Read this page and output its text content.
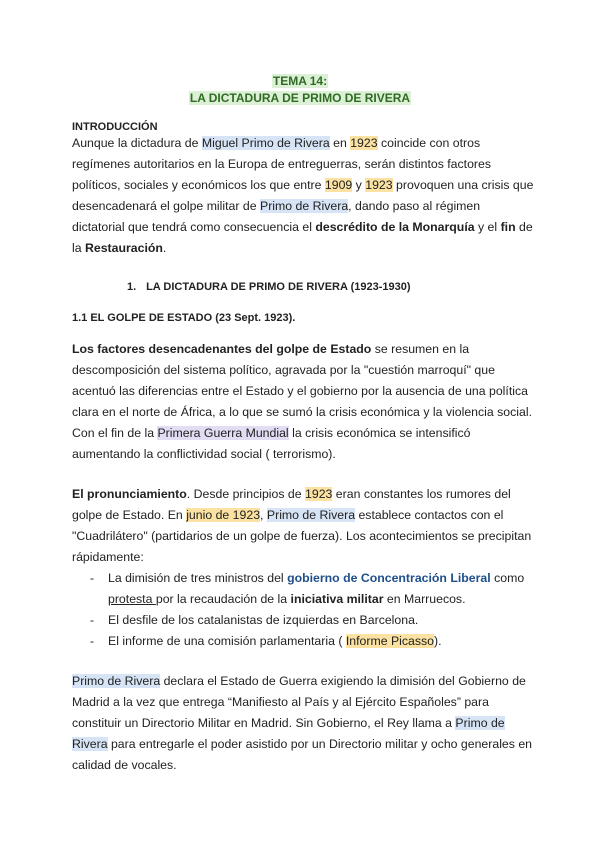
TEMA 14:
LA DICTADURA DE PRIMO DE RIVERA
INTRODUCCIÓN
Aunque la dictadura de Miguel Primo de Rivera en 1923 coincide con otros regímenes autoritarios en la Europa de entreguerras, serán distintos factores políticos, sociales y económicos los que entre 1909 y 1923 provoquen una crisis que desencadenará el golpe militar de Primo de Rivera, dando paso al régimen dictatorial que tendrá como consecuencia el descrédito de la Monarquía y el fin de la Restauración.
1. LA DICTADURA DE PRIMO DE RIVERA (1923-1930)
1.1 EL GOLPE DE ESTADO (23 Sept. 1923).
Los factores desencadenantes del golpe de Estado se resumen en la descomposición del sistema político, agravada por la "cuestión marroquí" que acentuó las diferencias entre el Estado y el gobierno por la ausencia de una política clara en el norte de África, a lo que se sumó la crisis económica y la violencia social. Con el fin de la Primera Guerra Mundial la crisis económica se intensificó aumentando la conflictividad social ( terrorismo).
El pronunciamiento. Desde principios de 1923 eran constantes los rumores del golpe de Estado. En junio de 1923, Primo de Rivera establece contactos con el "Cuadrilátero" (partidarios de un golpe de fuerza). Los acontecimientos se precipitan rápidamente:
- La dimisión de tres ministros del gobierno de Concentración Liberal como protesta por la recaudación de la iniciativa militar en Marruecos.
- El desfile de los catalanistas de izquierdas en Barcelona.
- El informe de una comisión parlamentaria ( Informe Picasso).
Primo de Rivera declara el Estado de Guerra exigiendo la dimisión del Gobierno de Madrid a la vez que entrega “Manifiesto al País y al Ejército Españoles” para constituir un Directorio Militar en Madrid. Sin Gobierno, el Rey llama a Primo de Rivera para entregarle el poder asistido por un Directorio militar y ocho generales en calidad de vocales.
